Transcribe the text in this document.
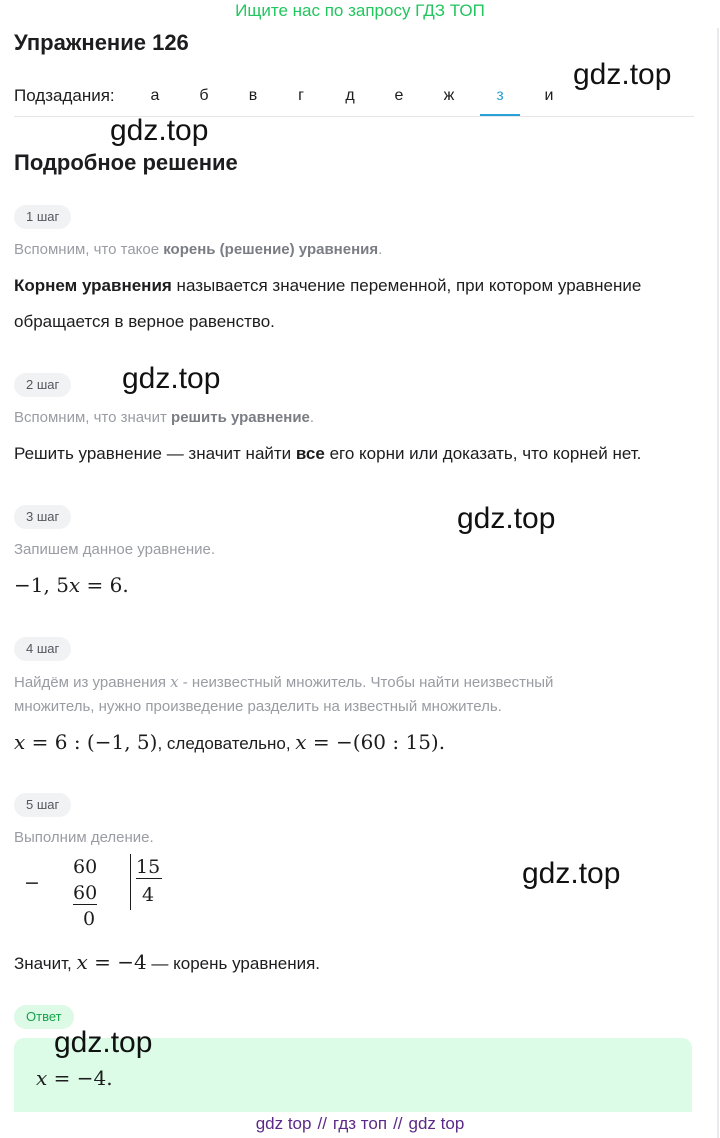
Ищите нас по запросу ГДЗ ТОП
Упражнение 126
Подзадания:	а	б	в	г	д	е	ж	з	и
gdz.top
gdz.top
gdz.top
gdz.top
gdz.top
gdz.top
Подробное решение
1 шаг
Вспомним, что такое корень (решение) уравнения.
Корнем уравнения называется значение переменной, при котором уравнение
обращается в верное равенство.
2 шаг
Вспомним, что значит решить уравнение.
Решить уравнение — значит найти все его корни или доказать, что корней нет.
3 шаг
Запишем данное уравнение.
−1, 5x = 6.
4 шаг
Найдём из уравнения x - неизвестный множитель. Чтобы найти неизвестный
множитель, нужно произведение разделить на известный множитель.
x = 6 : (−1, 5), следовательно, x = −(60 : 15).
5 шаг
Выполним деление.
−
60
60
0
15
4
Значит, x = −4 — корень уравнения.
Ответ
x = −4.
gdz top // гдз топ // gdz top
